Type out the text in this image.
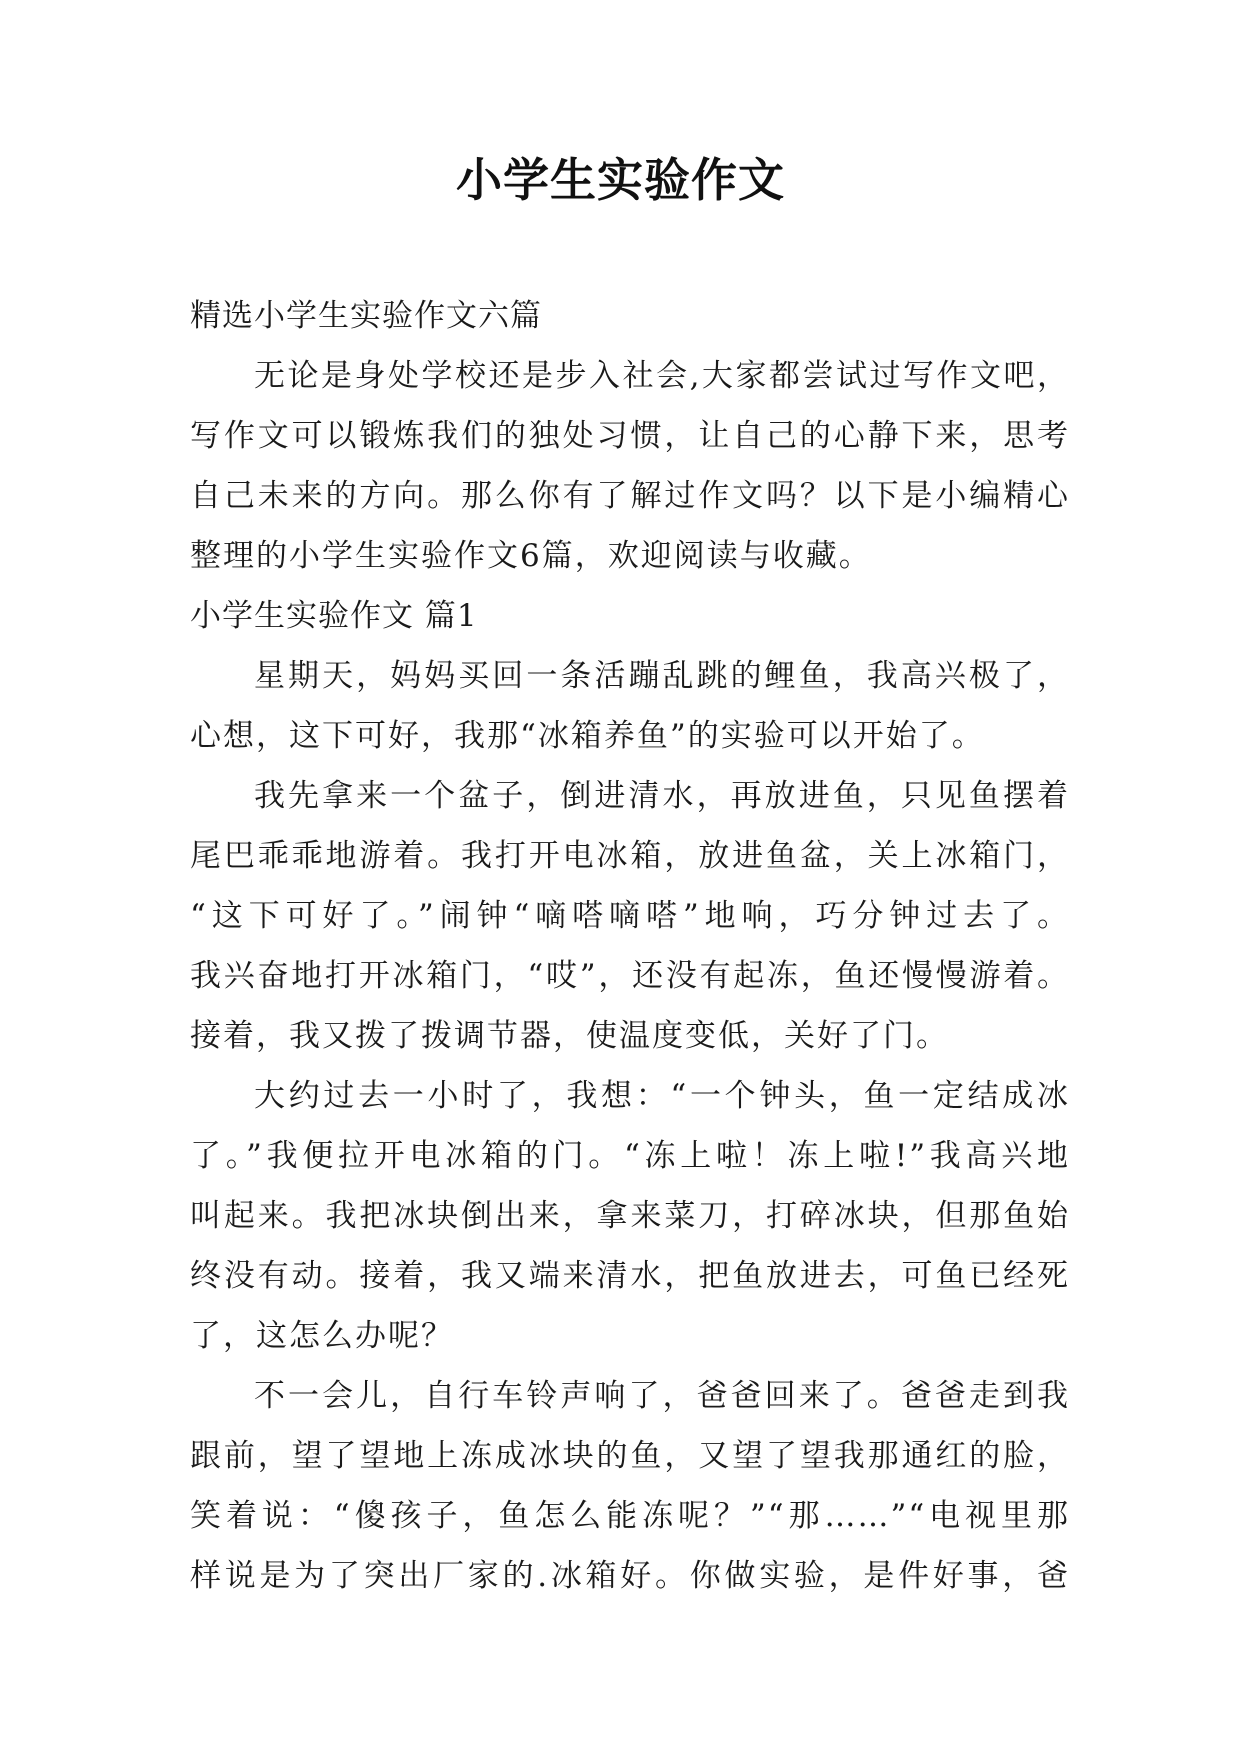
小学生实验作文
精选小学生实验作文六篇
无论是身处学校还是步入社会,大家都尝试过写作文吧，
写作文可以锻炼我们的独处习惯，让自己的心静下来，思考
自己未来的方向。那么你有了解过作文吗？以下是小编精心
整理的小学生实验作文6篇，欢迎阅读与收藏。
小学生实验作文 篇1
星期天，妈妈买回一条活蹦乱跳的鲤鱼，我高兴极了，
心想，这下可好，我那“冰箱养鱼”的实验可以开始了。
我先拿来一个盆子，倒进清水，再放进鱼，只见鱼摆着
尾巴乖乖地游着。我打开电冰箱，放进鱼盆，关上冰箱门，
“这下可好了。”闹钟“嘀嗒嘀嗒”地响，巧分钟过去了。
我兴奋地打开冰箱门，“哎”，还没有起冻，鱼还慢慢游着。
接着，我又拨了拨调节器，使温度变低，关好了门。
大约过去一小时了，我想：“一个钟头，鱼一定结成冰
了。”我便拉开电冰箱的门。“冻上啦！冻上啦!”我高兴地
叫起来。我把冰块倒出来，拿来菜刀，打碎冰块，但那鱼始
终没有动。接着，我又端来清水，把鱼放进去，可鱼已经死
了，这怎么办呢？
不一会儿，自行车铃声响了，爸爸回来了。爸爸走到我
跟前，望了望地上冻成冰块的鱼，又望了望我那通红的脸，
笑着说：“傻孩子，鱼怎么能冻呢？”“那……”“电视里那
样说是为了突出厂家的.冰箱好。你做实验，是件好事，爸
